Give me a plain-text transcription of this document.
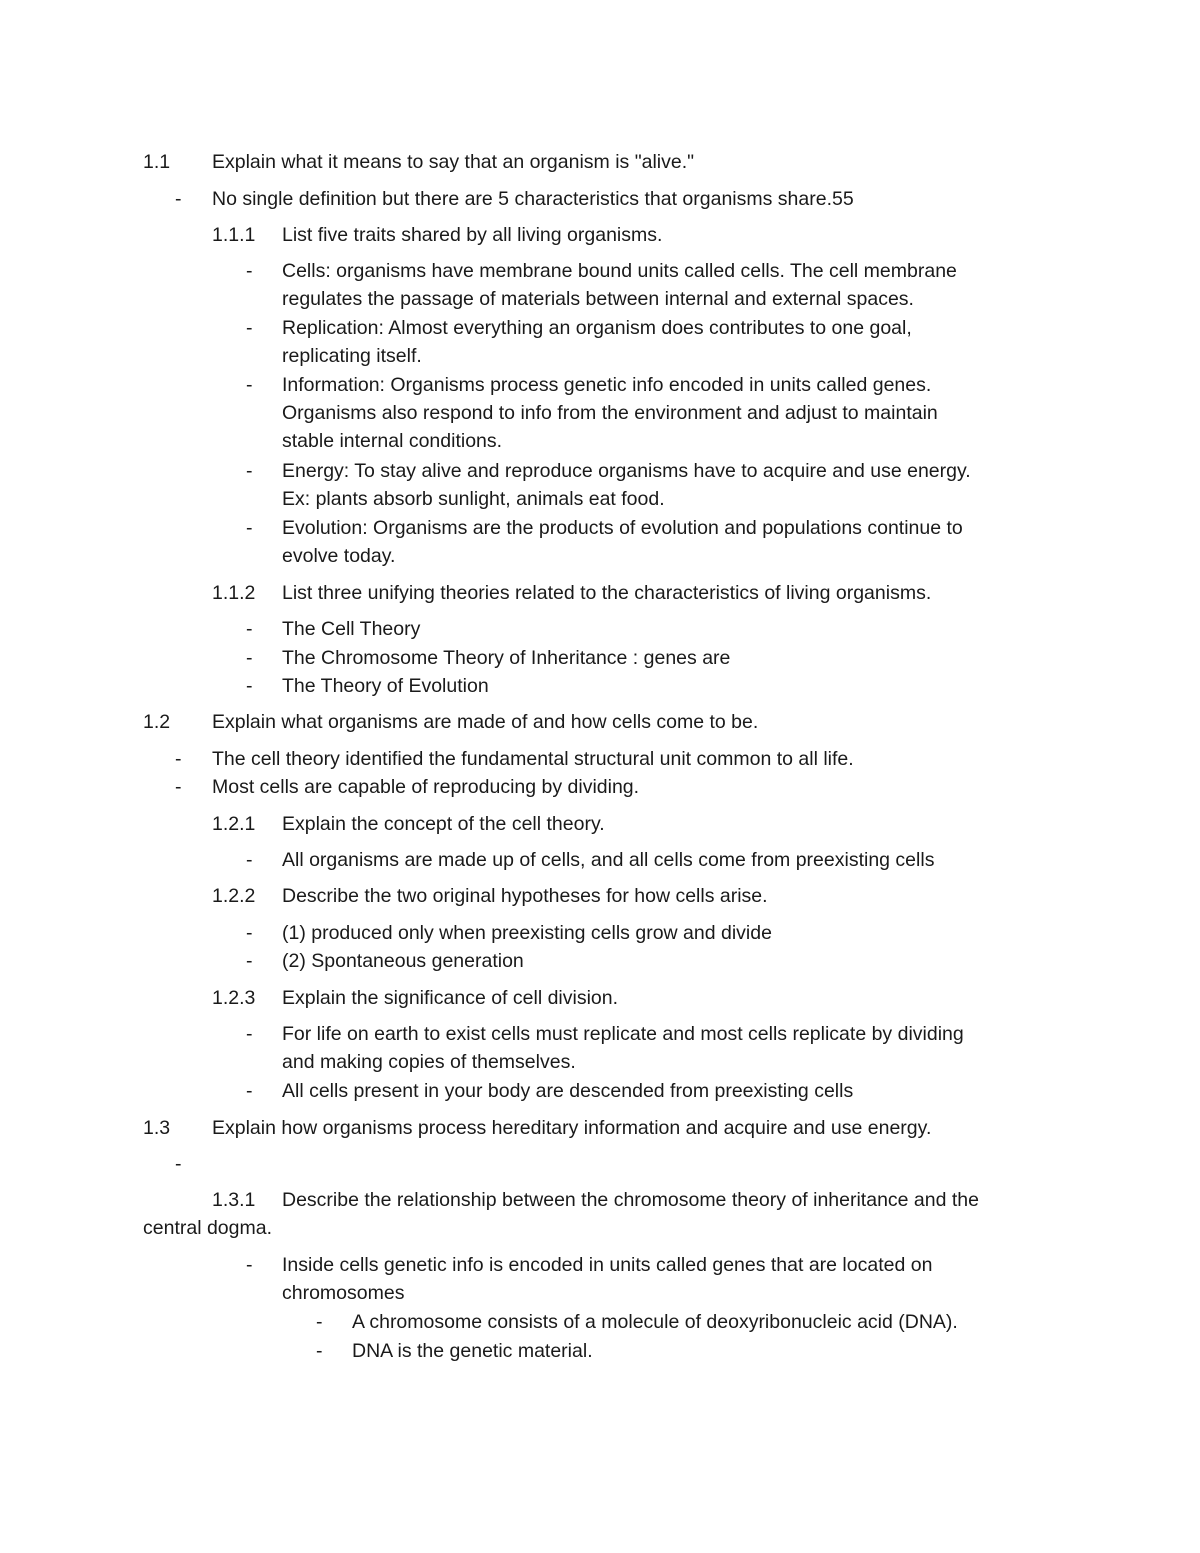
1.1 Explain what it means to say that an organism is "alive."
- No single definition but there are 5 characteristics that organisms share.55
1.1.1 List five traits shared by all living organisms.
- Cells: organisms have membrane bound units called cells. The cell membrane
regulates the passage of materials between internal and external spaces.
- Replication: Almost everything an organism does contributes to one goal,
replicating itself.
- Information: Organisms process genetic info encoded in units called genes.
Organisms also respond to info from the environment and adjust to maintain
stable internal conditions.
- Energy: To stay alive and reproduce organisms have to acquire and use energy.
Ex: plants absorb sunlight, animals eat food.
- Evolution: Organisms are the products of evolution and populations continue to
evolve today.
1.1.2 List three unifying theories related to the characteristics of living organisms.
- The Cell Theory
- The Chromosome Theory of Inheritance : genes are
- The Theory of Evolution
1.2 Explain what organisms are made of and how cells come to be.
- The cell theory identified the fundamental structural unit common to all life.
- Most cells are capable of reproducing by dividing.
1.2.1 Explain the concept of the cell theory.
- All organisms are made up of cells, and all cells come from preexisting cells
1.2.2 Describe the two original hypotheses for how cells arise.
- (1) produced only when preexisting cells grow and divide
- (2) Spontaneous generation
1.2.3 Explain the significance of cell division.
- For life on earth to exist cells must replicate and most cells replicate by dividing
and making copies of themselves.
- All cells present in your body are descended from preexisting cells
1.3 Explain how organisms process hereditary information and acquire and use energy.
-
1.3.1 Describe the relationship between the chromosome theory of inheritance and the
central dogma.
- Inside cells genetic info is encoded in units called genes that are located on
chromosomes
- A chromosome consists of a molecule of deoxyribonucleic acid (DNA).
- DNA is the genetic material.
